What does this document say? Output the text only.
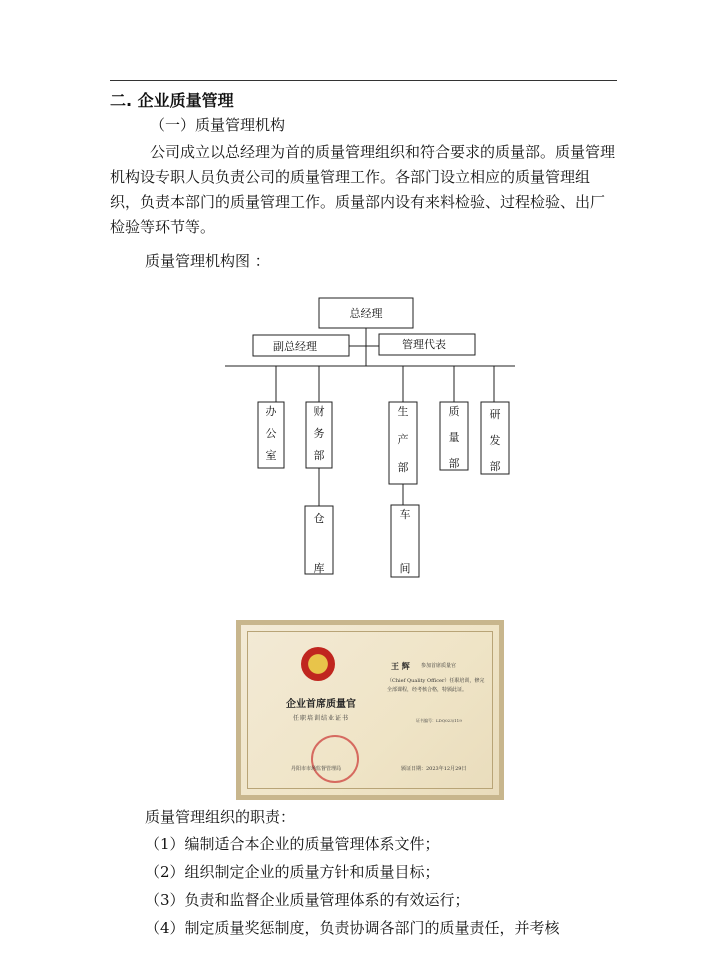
二. 企业质量管理
（一）质量管理机构
公司成立以总经理为首的质量管理组织和符合要求的质量部。质量管理机构设专职人员负责公司的质量管理工作。各部门设立相应的质量管理组织，负责本部门的质量管理工作。质量部内设有来料检验、过程检验、出厂检验等环节等。
质量管理机构图 ：
总经理
副总经理	管理代表
办公室
财务部
生产部
质量部
研发部
仓库
车间
企业首席质量官
任职培训结业证书
王 辉 参加首席质量官
（Chief Quality Officer）任职培训，修完全部课程，经考核合格，特颁此证。
证书编号：LDQ023/119
丹阳市市场监督管理局	颁证日期：2023年12月29日
质量管理组织的职责：
（1）编制适合本企业的质量管理体系文件；
（2）组织制定企业的质量方针和质量目标；
（3）负责和监督企业质量管理体系的有效运行；
（4）制定质量奖惩制度，负责协调各部门的质量责任，并考核
